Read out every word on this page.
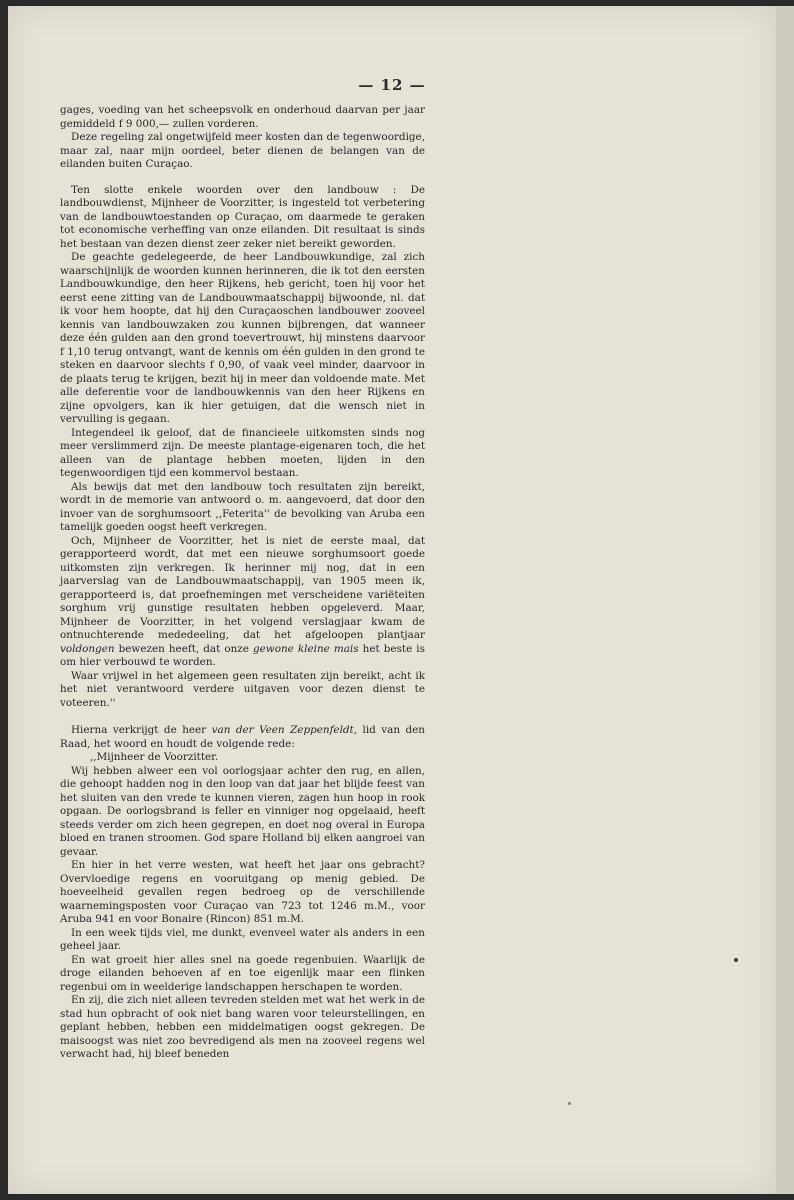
— 12 —

gages, voeding van het scheepsvolk en onderhoud daarvan per jaar gemiddeld f 9 000,— zullen vorderen.

Deze regeling zal ongetwijfeld meer kosten dan de tegenwoordige, maar zal, naar mijn oordeel, beter dienen de belangen van de eilanden buiten Curaçao.

Ten slotte enkele woorden over den landbouw : De landbouwdienst, Mijnheer de Voorzitter, is ingesteld tot verbetering van de landbouwtoestanden op Curaçao, om daarmede te geraken tot economische verheffing van onze eilanden. Dit resultaat is sinds het bestaan van dezen dienst zeer zeker niet bereikt geworden.

De geachte gedelegeerde, de heer Landbouwkundige, zal zich waarschijnlijk de woorden kunnen herinneren, die ik tot den eersten Landbouwkundige, den heer Rijkens, heb gericht, toen hij voor het eerst eene zitting van de Landbouwmaatschappij bijwoonde, nl. dat ik voor hem hoopte, dat hij den Curaçaoschen landbouwer zooveel kennis van landbouwzaken zou kunnen bijbrengen, dat wanneer deze één gulden aan den grond toevertrouwt, hij minstens daarvoor f 1,10 terug ontvangt, want de kennis om één gulden in den grond te steken en daarvoor slechts f 0,90, of vaak veel minder, daarvoor in de plaats terug te krijgen, bezit hij in meer dan voldoende mate. Met alle deferentie voor de landbouwkennis van den heer Rijkens en zijne opvolgers, kan ik hier getuigen, dat die wensch niet in vervulling is gegaan.

Integendeel ik geloof, dat de financieele uitkomsten sinds nog meer verslimmerd zijn. De meeste plantage-eigenaren toch, die het alleen van de plantage hebben moeten, lijden in den tegenwoordigen tijd een kommervol bestaan.

Als bewijs dat met den landbouw toch resultaten zijn bereikt, wordt in de memorie van antwoord o. m. aangevoerd, dat door den invoer van de sorghumsoort ,,Feterita'' de bevolking van Aruba een tamelijk goeden oogst heeft verkregen.

Och, Mijnheer de Voorzitter, het is niet de eerste maal, dat gerapporteerd wordt, dat met een nieuwe sorghumsoort goede uitkomsten zijn verkregen. Ik herinner mij nog, dat in een jaarverslag van de Landbouwmaatschappij, van 1905 meen ik, gerapporteerd is, dat proefnemingen met verscheidene variëteiten sorghum vrij gunstige resultaten hebben opgeleverd. Maar, Mijnheer de Voorzitter, in het volgend verslagjaar kwam de ontnuchterende mededeeling, dat het afgeloopen plantjaar voldongen bewezen heeft, dat onze gewone kleine mais het beste is om hier verbouwd te worden.

Waar vrijwel in het algemeen geen resultaten zijn bereikt, acht ik het niet verantwoord verdere uitgaven voor dezen dienst te voteeren.''

Hierna verkrijgt de heer van der Veen Zeppenfeldt, lid van den Raad, het woord en houdt de volgende rede:

,,Mijnheer de Voorzitter.

Wij hebben alweer een vol oorlogsjaar achter den rug, en allen, die gehoopt hadden nog in den loop van dat jaar het blijde feest van het sluiten van den vrede te kunnen vieren, zagen hun hoop in rook opgaan. De oorlogsbrand is feller en vinniger nog opgelaaid, heeft steeds verder om zich heen gegrepen, en doet nog overal in Europa bloed en tranen stroomen. God spare Holland bij elken aangroei van gevaar.

En hier in het verre westen, wat heeft het jaar ons gebracht? Overvloedige regens en vooruitgang op menig gebied. De hoeveelheid gevallen regen bedroeg op de verschillende waarnemingsposten voor Curaçao van 723 tot 1246 m.M., voor Aruba 941 en voor Bonaire (Rincon) 851 m.M.

In een week tijds viel, me dunkt, evenveel water als anders in een geheel jaar.

En wat groeit hier alles snel na goede regenbuien. Waarlijk de droge eilanden behoeven af en toe eigenlijk maar een flinken regenbui om in weelderige landschappen herschapen te worden.

En zij, die zich niet alleen tevreden stelden met wat het werk in de stad hun opbracht of ook niet bang waren voor teleurstellingen, en geplant hebben, hebben een middelmatigen oogst gekregen. De maisoogst was niet zoo bevredigend als men na zooveel regens wel verwacht had, hij bleef beneden
